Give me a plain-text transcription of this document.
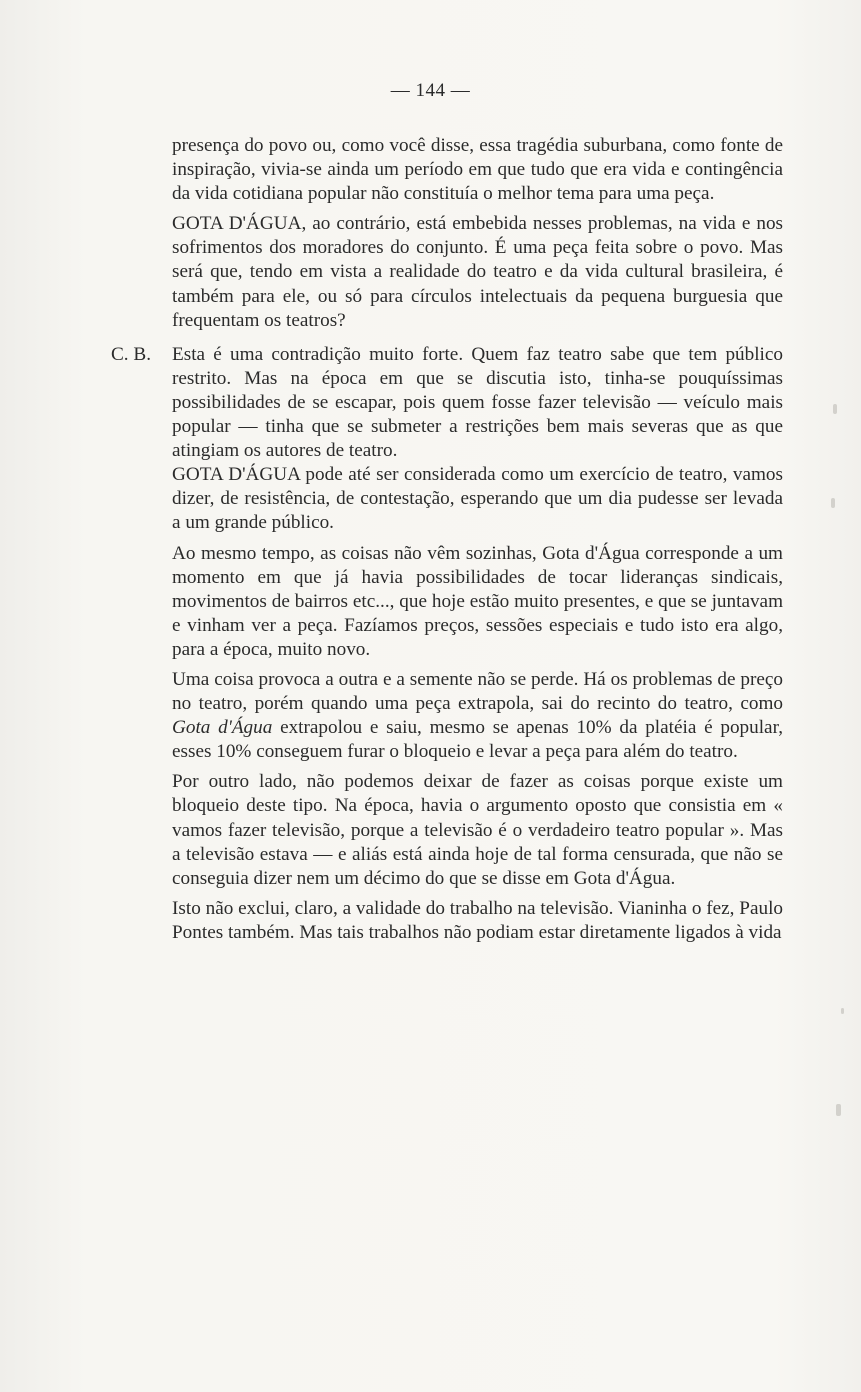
— 144 —

presença do povo ou, como você disse, essa tragédia suburbana, como fonte de inspiração, vivia-se ainda um período em que tudo que era vida e contingência da vida cotidiana popular não constituía o melhor tema para uma peça.

GOTA D'ÁGUA, ao contrário, está embebida nesses problemas, na vida e nos sofrimentos dos moradores do conjunto. É uma peça feita sobre o povo. Mas será que, tendo em vista a realidade do teatro e da vida cultural brasileira, é também para ele, ou só para círculos intelectuais da pequena burguesia que frequentam os teatros?

C. B. Esta é uma contradição muito forte. Quem faz teatro sabe que tem público restrito. Mas na época em que se discutia isto, tinha-se pouquíssimas possibilidades de se escapar, pois quem fosse fazer televisão — veículo mais popular — tinha que se submeter a restrições bem mais severas que as que atingiam os autores de teatro.

GOTA D'ÁGUA pode até ser considerada como um exercício de teatro, vamos dizer, de resistência, de contestação, esperando que um dia pudesse ser levada a um grande público.

Ao mesmo tempo, as coisas não vêm sozinhas, Gota d'Água corresponde a um momento em que já havia possibilidades de tocar lideranças sindicais, movimentos de bairros etc..., que hoje estão muito presentes, e que se juntavam e vinham ver a peça. Fazíamos preços, sessões especiais e tudo isto era algo, para a época, muito novo.

Uma coisa provoca a outra e a semente não se perde. Há os problemas de preço no teatro, porém quando uma peça extrapola, sai do recinto do teatro, como Gota d'Água extrapolou e saiu, mesmo se apenas 10% da platéia é popular, esses 10% conseguem furar o bloqueio e levar a peça para além do teatro.

Por outro lado, não podemos deixar de fazer as coisas porque existe um bloqueio deste tipo. Na época, havia o argumento oposto que consistia em « vamos fazer televisão, porque a televisão é o verdadeiro teatro popular ». Mas a televisão estava — e aliás está ainda hoje de tal forma censurada, que não se conseguia dizer nem um décimo do que se disse em Gota d'Água.

Isto não exclui, claro, a validade do trabalho na televisão. Vianinha o fez, Paulo Pontes também. Mas tais trabalhos não podiam estar diretamente ligados à vida
